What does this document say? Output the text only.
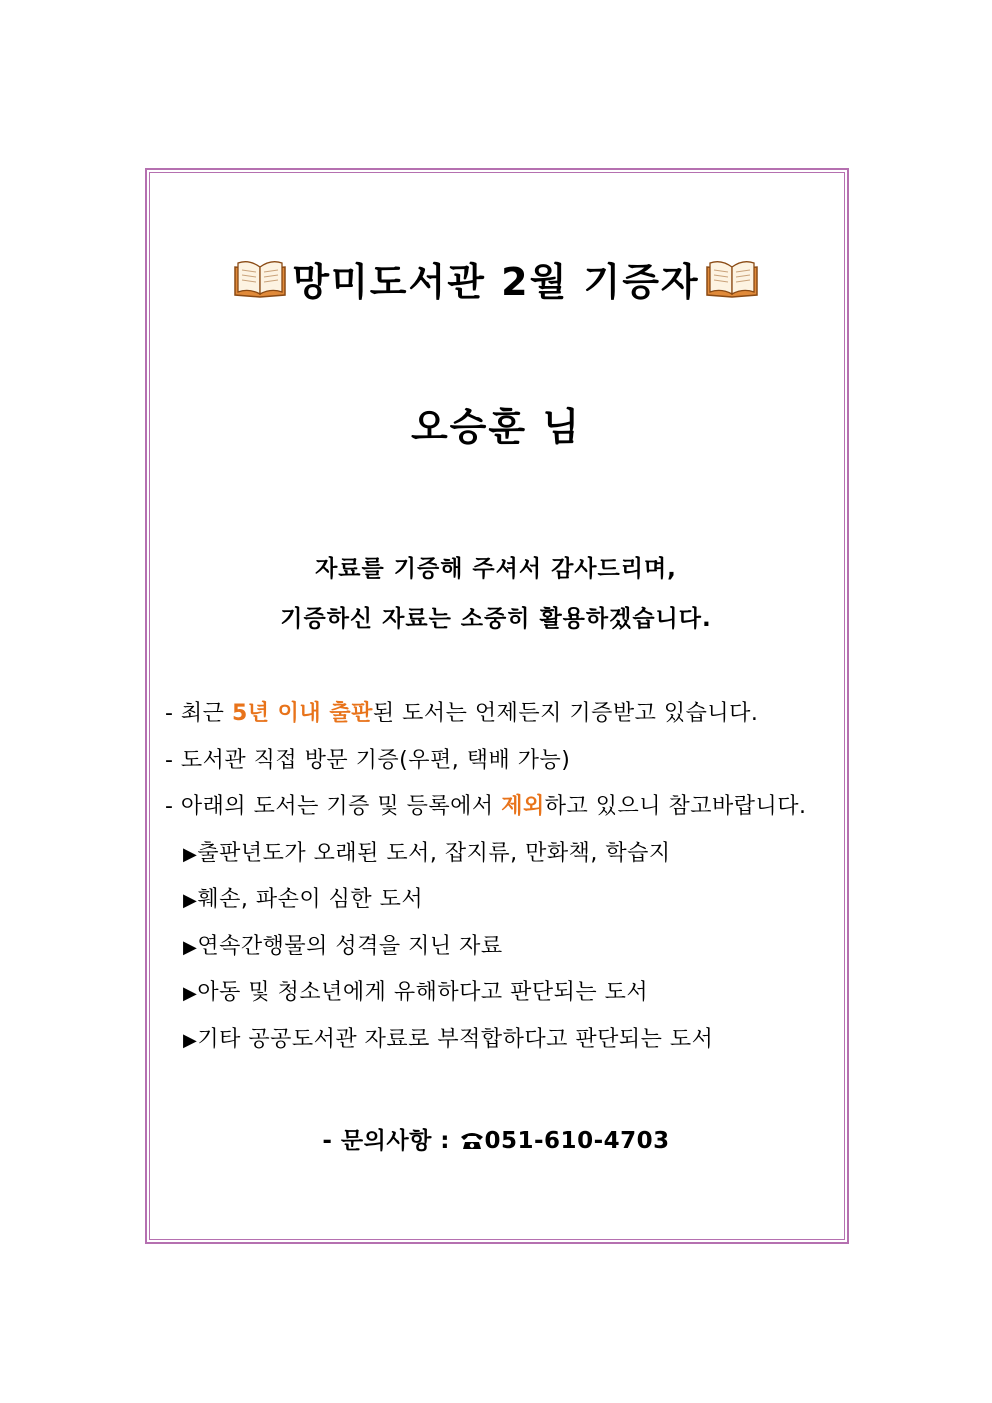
망미도서관 2월 기증자
오승훈 님
자료를 기증해 주셔서 감사드리며,
기증하신 자료는 소중히 활용하겠습니다.
- 최근 5년 이내 출판된 도서는 언제든지 기증받고 있습니다.
- 도서관 직접 방문 기증(우편, 택배 가능)
- 아래의 도서는 기증 및 등록에서 제외하고 있으니 참고바랍니다.
▶출판년도가 오래된 도서, 잡지류, 만화책, 학습지
▶훼손, 파손이 심한 도서
▶연속간행물의 성격을 지닌 자료
▶아동 및 청소년에게 유해하다고 판단되는 도서
▶기타 공공도서관 자료로 부적합하다고 판단되는 도서
- 문의사항 : 051-610-4703
